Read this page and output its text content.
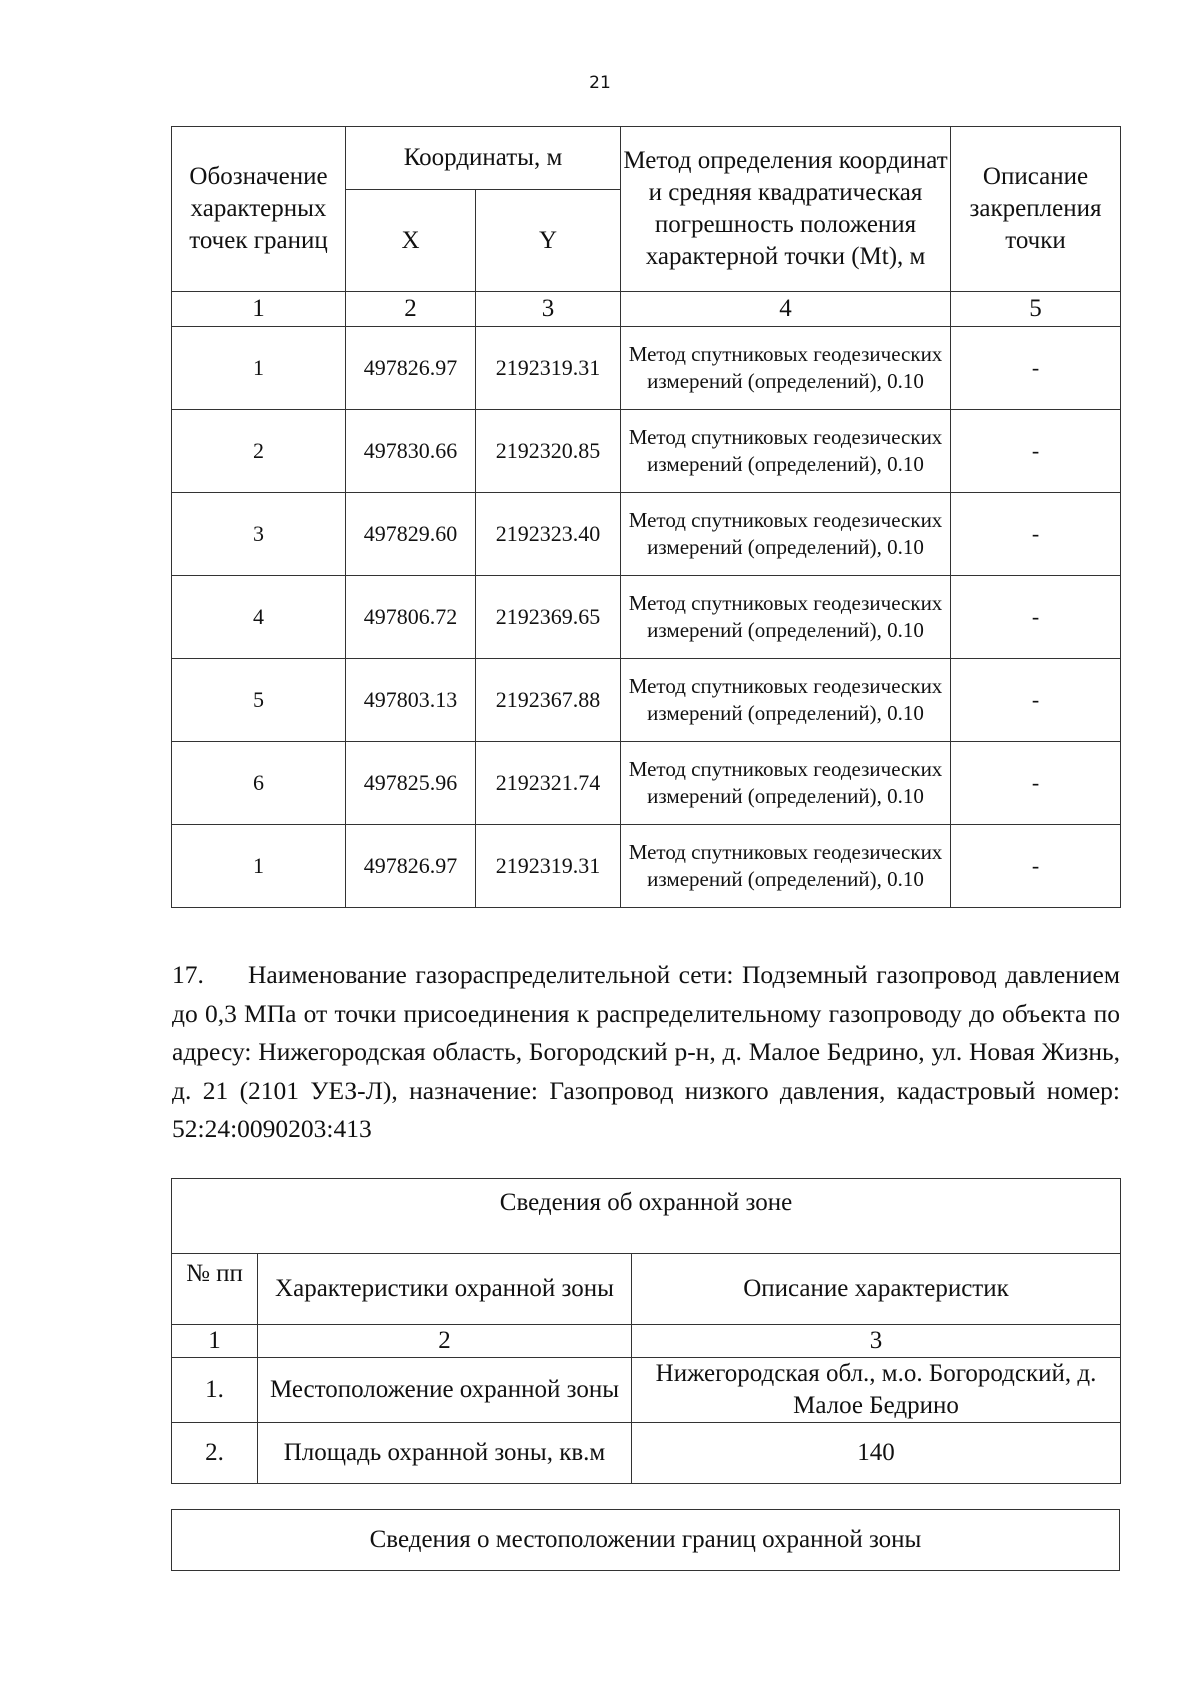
21
Обозначение характерных точек границ	Координаты, м		Метод определения координат и средняя квадратическая погрешность положения характерной точки (Mt), м	Описание закрепления точки
	X	Y		
1	2	3	4	5
1	497826.97	2192319.31	Метод спутниковых геодезических измерений (определений), 0.10	-
2	497830.66	2192320.85	Метод спутниковых геодезических измерений (определений), 0.10	-
3	497829.60	2192323.40	Метод спутниковых геодезических измерений (определений), 0.10	-
4	497806.72	2192369.65	Метод спутниковых геодезических измерений (определений), 0.10	-
5	497803.13	2192367.88	Метод спутниковых геодезических измерений (определений), 0.10	-
6	497825.96	2192321.74	Метод спутниковых геодезических измерений (определений), 0.10	-
1	497826.97	2192319.31	Метод спутниковых геодезических измерений (определений), 0.10	-

17. Наименование газораспределительной сети: Подземный газопровод давлением до 0,3 МПа от точки присоединения к распределительному газопроводу до объекта по адресу: Нижегородская область, Богородский р-н, д. Малое Бедрино, ул. Новая Жизнь, д. 21 (2101 УЕЗ-Л), назначение: Газопровод низкого давления, кадастровый номер: 52:24:0090203:413

Сведения об охранной зоне		
№ пп	Характеристики охранной зоны	Описание характеристик
1	2	3
1.	Местоположение охранной зоны	Нижегородская обл., м.о. Богородский, д. Малое Бедрино
2.	Площадь охранной зоны, кв.м	140
Сведения о местоположении границ охранной зоны
